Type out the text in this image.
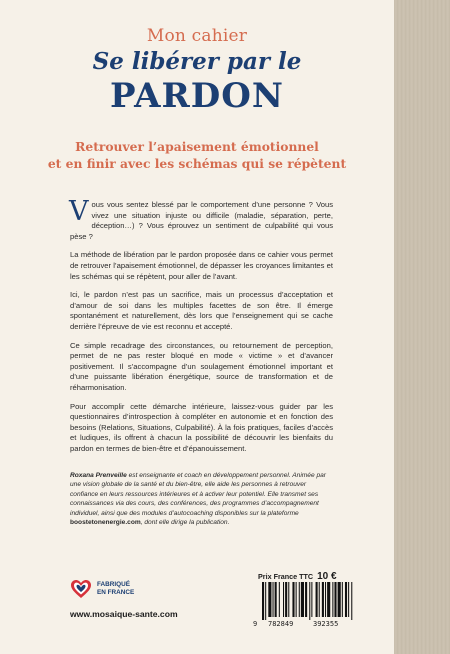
Mon cahier
Se libérer par le
PARDON
Retrouver l’apaisement émotionnel
et en finir avec les schémas qui se répètent

Vous vous sentez blessé par le comportement d’une personne ? Vous vivez une situation injuste ou difficile (maladie, séparation, perte, déception…) ? Vous éprouvez un sentiment de culpabilité qui vous pèse ?

La méthode de libération par le pardon proposée dans ce cahier vous permet de retrouver l’apaisement émotionnel, de dépasser les croyances limitantes et les schémas qui se répètent, pour aller de l’avant.

Ici, le pardon n’est pas un sacrifice, mais un processus d’acceptation et d’amour de soi dans les multiples facettes de son être. Il émerge spontanément et naturellement, dès lors que l’enseignement qui se cache derrière l’épreuve de vie est reconnu et accepté.

Ce simple recadrage des circonstances, ou retournement de perception, permet de ne pas rester bloqué en mode « victime » et d’avancer positivement. Il s’accompagne d’un soulagement émotionnel important et d’une puissante libération énergétique, source de transformation et de réharmonisation.

Pour accomplir cette démarche intérieure, laissez-vous guider par les questionnaires d’introspection à compléter en autonomie et en fonction des besoins (Relations, Situations, Culpabilité). À la fois pratiques, faciles d’accès et ludiques, ils offrent à chacun la possibilité de découvrir les bienfaits du pardon en termes de bien-être et d’épanouissement.

Roxana Prenveille est enseignante et coach en développement personnel. Animée par une vision globale de la santé et du bien-être, elle aide les personnes à retrouver confiance en leurs ressources intérieures et à activer leur potentiel. Elle transmet ses connaissances via des cours, des conférences, des programmes d’accompagnement individuel, ainsi que des modules d’autocoaching disponibles sur la plateforme boostetonenergie.com, dont elle dirige la publication.
FABRIQUÉ
EN FRANCE
www.mosaique-sante.com
Prix France TTC 10 €
9 782849	392355
